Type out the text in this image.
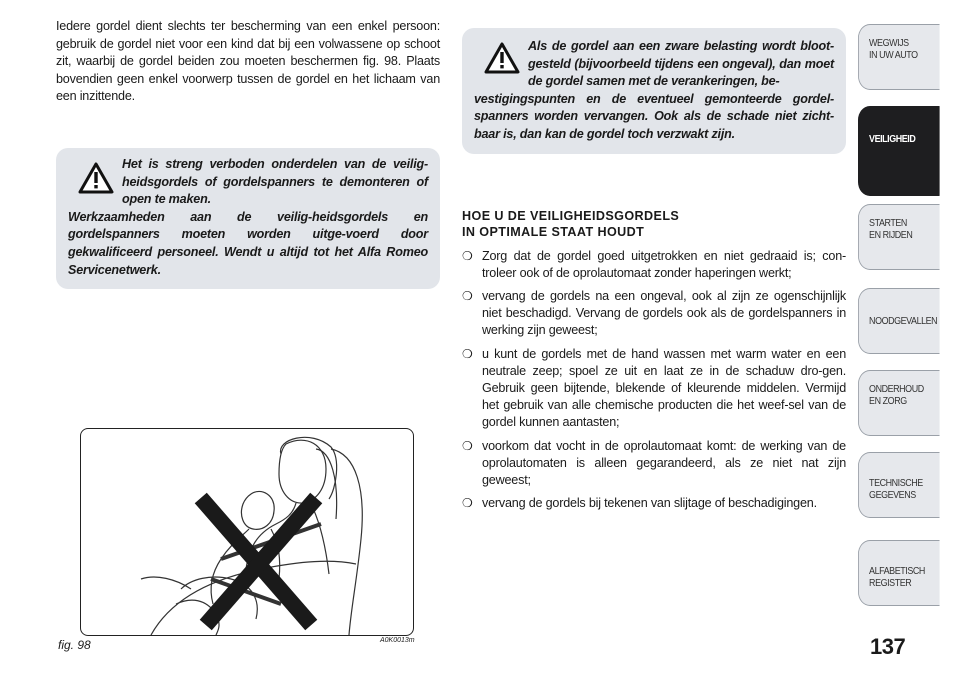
Iedere gordel dient slechts ter bescherming van een enkel persoon: gebruik de gordel niet voor een kind dat bij een volwassene op schoot zit, waarbij de gordel beiden zou moeten beschermen fig. 98. Plaats bovendien geen enkel voorwerp tussen de gordel en het lichaam van een inzittende.

Het is streng verboden onderdelen van de veilig-heidsgordels of gordelspanners te demonteren of open te maken.
Werkzaamheden aan de veilig-heidsgordels en gordelspanners moeten worden uitge-voerd door gekwalificeerd personeel. Wendt u altijd tot het Alfa Romeo Servicenetwerk.

fig. 98	A0K0013m

Als de gordel aan een zware belasting wordt bloot-gesteld (bijvoorbeeld tijdens een ongeval), dan moet de gordel samen met de verankeringen, be-
vestigingspunten en de eventueel gemonteerde gordel-spanners worden vervangen. Ook als de schade niet zicht-baar is, dan kan de gordel toch verzwakt zijn.

HOE U DE VEILIGHEIDSGORDELS
IN OPTIMALE STAAT HOUDT
❍ Zorg dat de gordel goed uitgetrokken en niet gedraaid is; con-troleer ook of de oprolautomaat zonder haperingen werkt;
❍ vervang de gordels na een ongeval, ook al zijn ze ogenschijnlijk niet beschadigd. Vervang de gordels ook als de gordelspanners in werking zijn geweest;
❍ u kunt de gordels met de hand wassen met warm water en een neutrale zeep; spoel ze uit en laat ze in de schaduw dro-gen. Gebruik geen bijtende, blekende of kleurende middelen. Vermijd het gebruik van alle chemische producten die het weef-sel van de gordel kunnen aantasten;
❍ voorkom dat vocht in de oprolautomaat komt: de werking van de oprolautomaten is alleen gegarandeerd, als ze niet nat zijn geweest;
❍ vervang de gordels bij tekenen van slijtage of beschadigingen.
WEGWIJS
IN UW AUTO
VEILIGHEID
STARTEN
EN RIJDEN
NOODGEVALLEN
ONDERHOUD
EN ZORG
TECHNISCHE
GEGEVENS
ALFABETISCH
REGISTER
137
